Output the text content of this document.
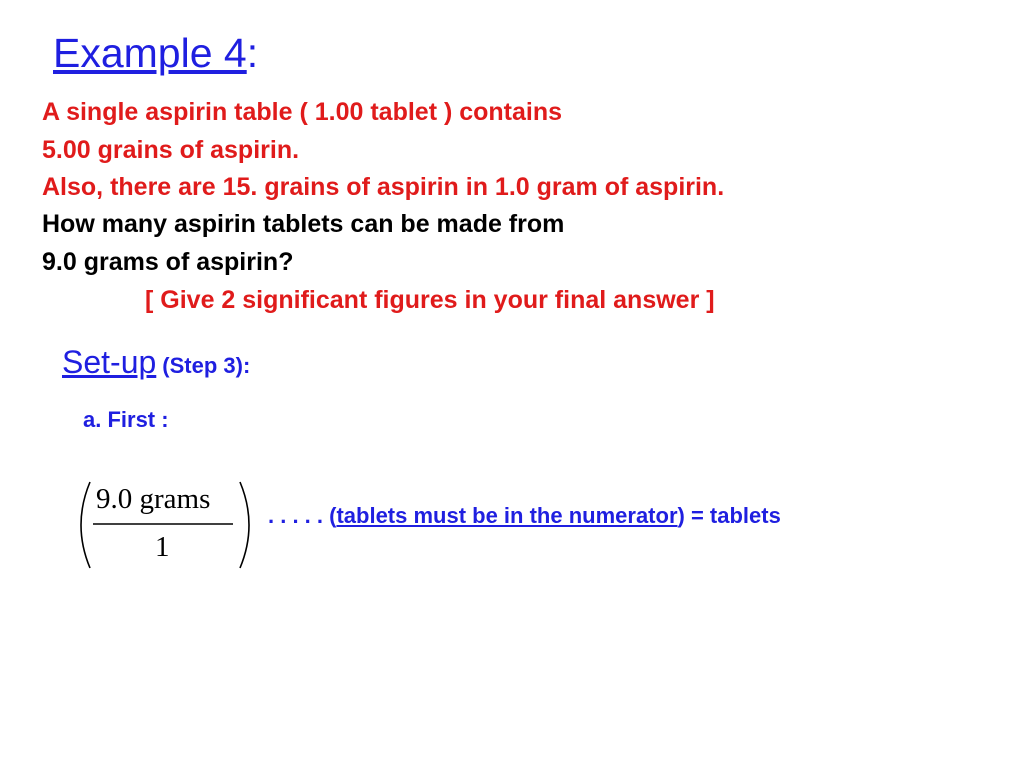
Example 4:
A single aspirin table ( 1.00 tablet ) contains
5.00 grains of aspirin.
Also, there are 15. grains of aspirin in 1.0 gram of aspirin.
How many aspirin tablets can be made from
9.0 grams of aspirin?
[ Give 2 significant figures in your final answer ]
Set-up (Step 3):
a. First :
9.0 grams
1
. . . . . (tablets must be in the numerator) = tablets
